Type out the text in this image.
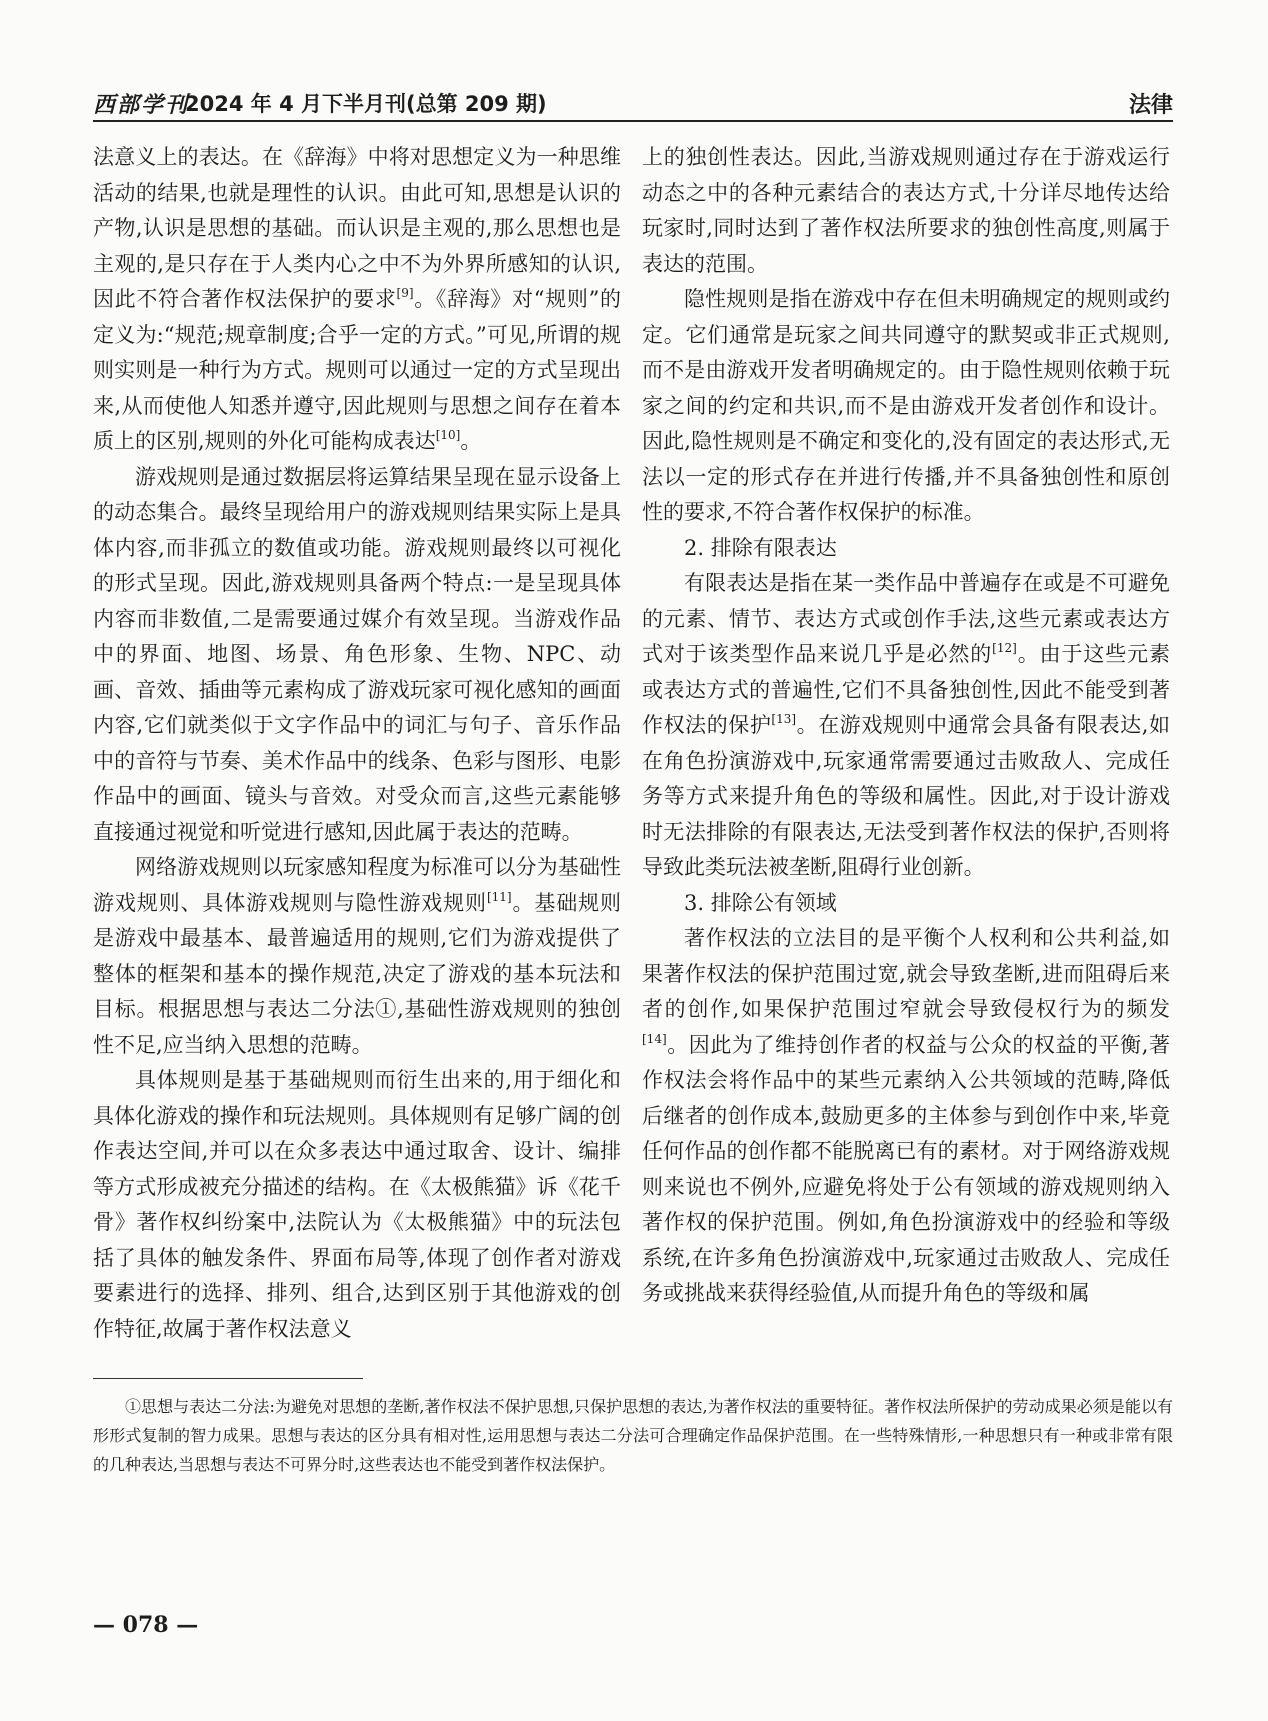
西部学刊
2024 年 4 月下半月刊(总第 209 期)	法律

法意义上的表达。在《辞海》中将对思想定义为一种思维活动的结果,也就是理性的认识。由此可知,思想是认识的产物,认识是思想的基础。而认识是主观的,那么思想也是主观的,是只存在于人类内心之中不为外界所感知的认识,因此不符合著作权法保护的要求[9]。《辞海》对“规则”的定义为:“规范;规章制度;合乎一定的方式。”可见,所谓的规则实则是一种行为方式。规则可以通过一定的方式呈现出来,从而使他人知悉并遵守,因此规则与思想之间存在着本质上的区别,规则的外化可能构成表达[10]。

游戏规则是通过数据层将运算结果呈现在显示设备上的动态集合。最终呈现给用户的游戏规则结果实际上是具体内容,而非孤立的数值或功能。游戏规则最终以可视化的形式呈现。因此,游戏规则具备两个特点:一是呈现具体内容而非数值,二是需要通过媒介有效呈现。当游戏作品中的界面、地图、场景、角色形象、生物、NPC、动画、音效、插曲等元素构成了游戏玩家可视化感知的画面内容,它们就类似于文字作品中的词汇与句子、音乐作品中的音符与节奏、美术作品中的线条、色彩与图形、电影作品中的画面、镜头与音效。对受众而言,这些元素能够直接通过视觉和听觉进行感知,因此属于表达的范畴。

网络游戏规则以玩家感知程度为标准可以分为基础性游戏规则、具体游戏规则与隐性游戏规则[11]。基础规则是游戏中最基本、最普遍适用的规则,它们为游戏提供了整体的框架和基本的操作规范,决定了游戏的基本玩法和目标。根据思想与表达二分法①,基础性游戏规则的独创性不足,应当纳入思想的范畴。

具体规则是基于基础规则而衍生出来的,用于细化和具体化游戏的操作和玩法规则。具体规则有足够广阔的创作表达空间,并可以在众多表达中通过取舍、设计、编排等方式形成被充分描述的结构。在《太极熊猫》诉《花千骨》著作权纠纷案中,法院认为《太极熊猫》中的玩法包括了具体的触发条件、界面布局等,体现了创作者对游戏要素进行的选择、排列、组合,达到区别于其他游戏的创作特征,故属于著作权法意义

上的独创性表达。因此,当游戏规则通过存在于游戏运行动态之中的各种元素结合的表达方式,十分详尽地传达给玩家时,同时达到了著作权法所要求的独创性高度,则属于表达的范围。

隐性规则是指在游戏中存在但未明确规定的规则或约定。它们通常是玩家之间共同遵守的默契或非正式规则,而不是由游戏开发者明确规定的。由于隐性规则依赖于玩家之间的约定和共识,而不是由游戏开发者创作和设计。因此,隐性规则是不确定和变化的,没有固定的表达形式,无法以一定的形式存在并进行传播,并不具备独创性和原创性的要求,不符合著作权保护的标准。

2. 排除有限表达

有限表达是指在某一类作品中普遍存在或是不可避免的元素、情节、表达方式或创作手法,这些元素或表达方式对于该类型作品来说几乎是必然的[12]。由于这些元素或表达方式的普遍性,它们不具备独创性,因此不能受到著作权法的保护[13]。在游戏规则中通常会具备有限表达,如在角色扮演游戏中,玩家通常需要通过击败敌人、完成任务等方式来提升角色的等级和属性。因此,对于设计游戏时无法排除的有限表达,无法受到著作权法的保护,否则将导致此类玩法被垄断,阻碍行业创新。

3. 排除公有领域

著作权法的立法目的是平衡个人权利和公共利益,如果著作权法的保护范围过宽,就会导致垄断,进而阻碍后来者的创作,如果保护范围过窄就会导致侵权行为的频发[14]。因此为了维持创作者的权益与公众的权益的平衡,著作权法会将作品中的某些元素纳入公共领域的范畴,降低后继者的创作成本,鼓励更多的主体参与到创作中来,毕竟任何作品的创作都不能脱离已有的素材。对于网络游戏规则来说也不例外,应避免将处于公有领域的游戏规则纳入著作权的保护范围。例如,角色扮演游戏中的经验和等级系统,在许多角色扮演游戏中,玩家通过击败敌人、完成任务或挑战来获得经验值,从而提升角色的等级和属

①思想与表达二分法:为避免对思想的垄断,著作权法不保护思想,只保护思想的表达,为著作权法的重要特征。著作权法所保护的劳动成果必须是能以有形形式复制的智力成果。思想与表达的区分具有相对性,运用思想与表达二分法可合理确定作品保护范围。在一些特殊情形,一种思想只有一种或非常有限的几种表达,当思想与表达不可界分时,这些表达也不能受到著作权法保护。
— 078 —
